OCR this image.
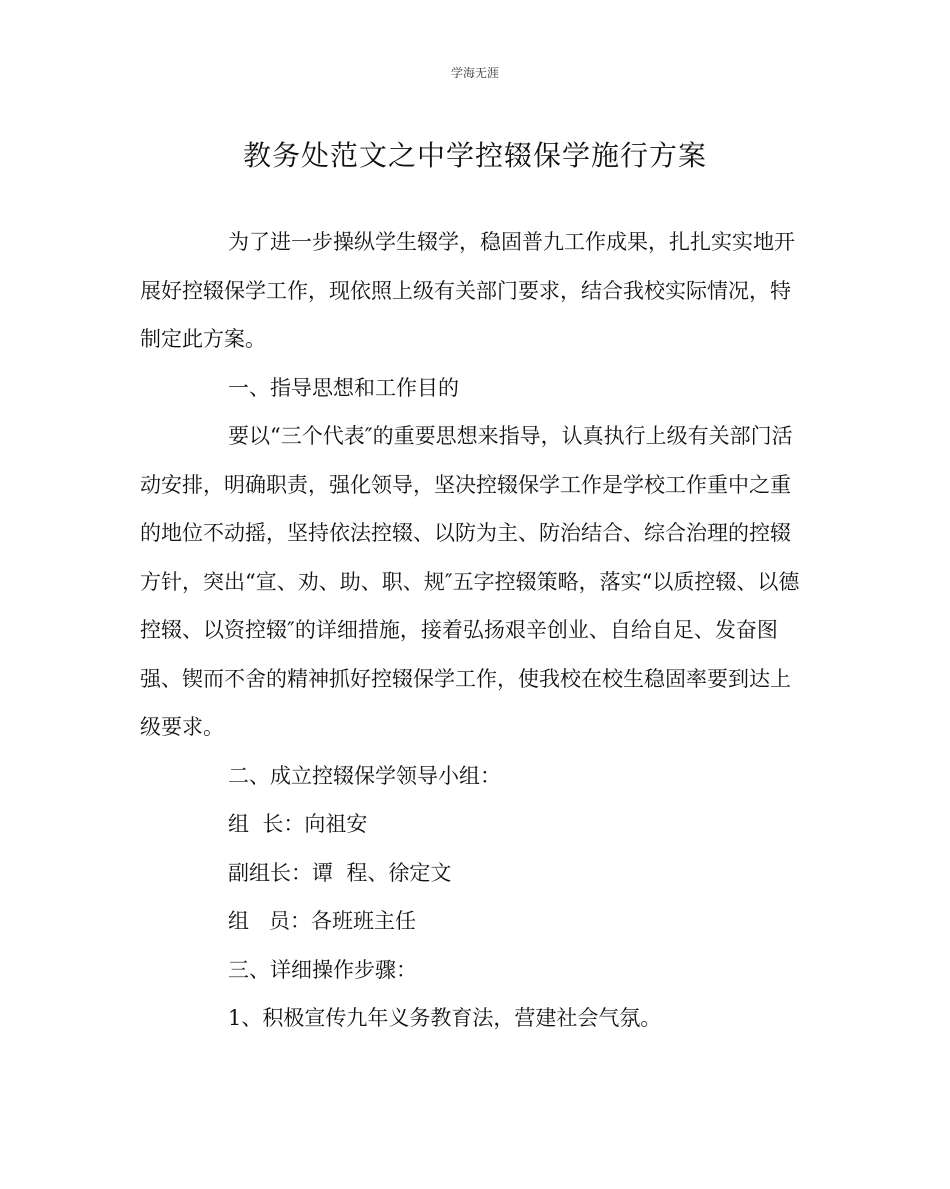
学海无涯
教务处范文之中学控辍保学施行方案

为了进一步操纵学生辍学，稳固普九工作成果，扎扎实实地开展好控辍保学工作，现依照上级有关部门要求，结合我校实际情况，特制定此方案。

一、指导思想和工作目的

要以“三个代表″的重要思想来指导，认真执行上级有关部门活动安排，明确职责，强化领导，坚决控辍保学工作是学校工作重中之重的地位不动摇，坚持依法控辍、以防为主、防治结合、综合治理的控辍方针，突出“宣、劝、助、职、规″五字控辍策略，落实“以质控辍、以德控辍、以资控辍″的详细措施，接着弘扬艰辛创业、自给自足、发奋图强、锲而不舍的精神抓好控辍保学工作，使我校在校生稳固率要到达上级要求。

二、成立控辍保学领导小组：

组  长：向祖安

副组长：谭  程、徐定文

组   员：各班班主任

三、详细操作步骤：

1、积极宣传九年义务教育法，营建社会气氛。
